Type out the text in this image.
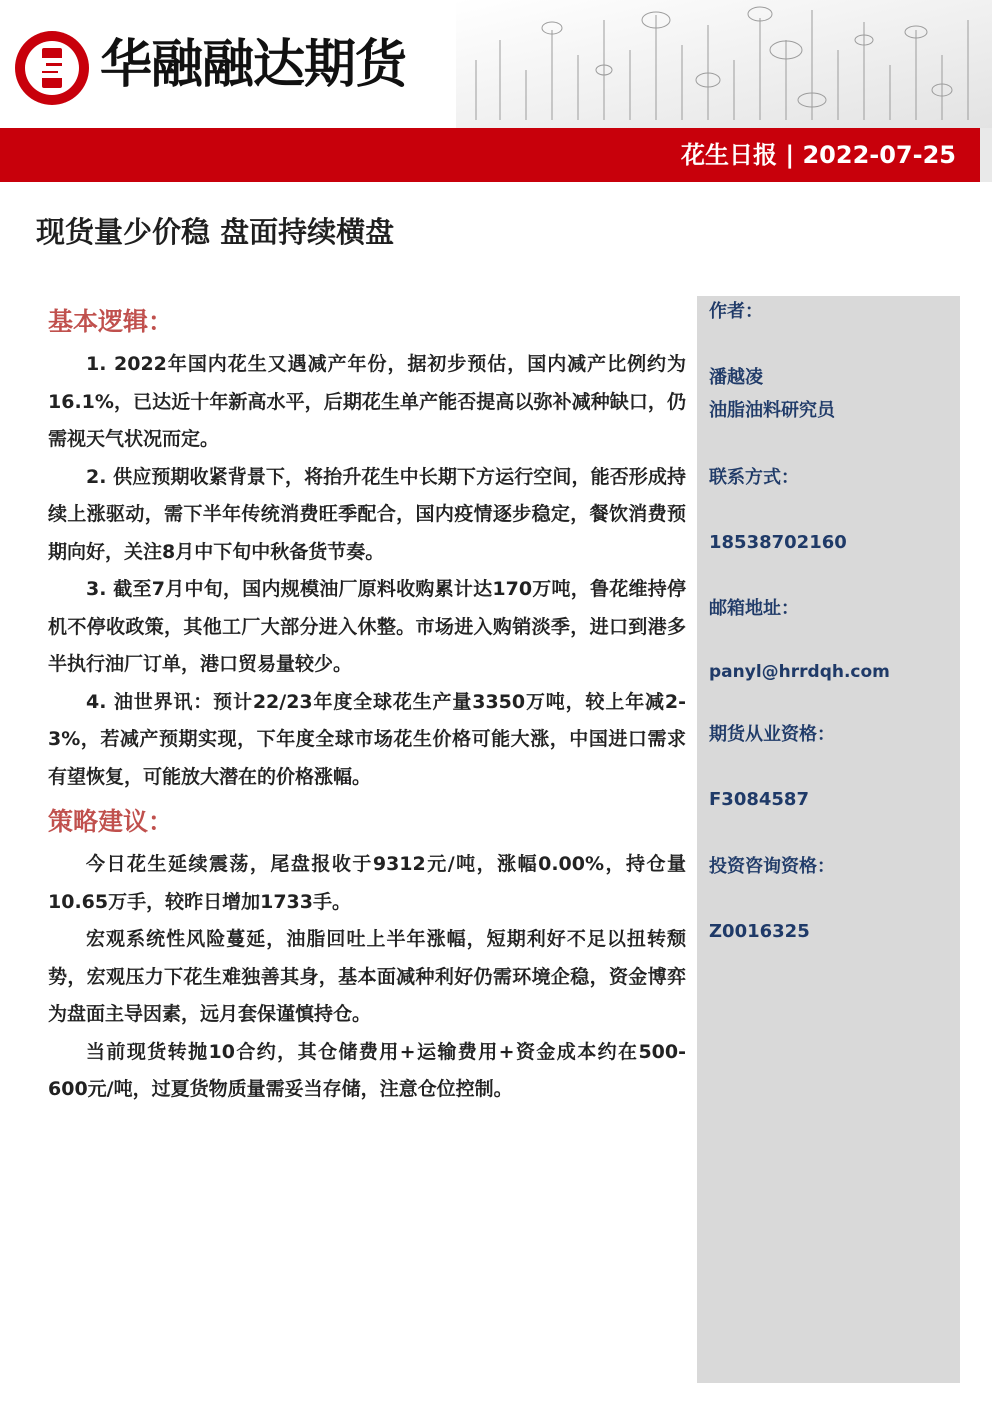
华融融达期货
花生日报 | 2022-07-25
现货量少价稳 盘面持续横盘
基本逻辑：

1. 2022年国内花生又遇减产年份，据初步预估，国内减产比例约为16.1%，已达近十年新高水平，后期花生单产能否提高以弥补减种缺口，仍需视天气状况而定。

2. 供应预期收紧背景下，将抬升花生中长期下方运行空间，能否形成持续上涨驱动，需下半年传统消费旺季配合，国内疫情逐步稳定，餐饮消费预期向好，关注8月中下旬中秋备货节奏。

3. 截至7月中旬，国内规模油厂原料收购累计达170万吨，鲁花维持停机不停收政策，其他工厂大部分进入休整。市场进入购销淡季，进口到港多半执行油厂订单，港口贸易量较少。

4. 油世界讯：预计22/23年度全球花生产量3350万吨，较上年减2-3%，若减产预期实现，下年度全球市场花生价格可能大涨，中国进口需求有望恢复，可能放大潜在的价格涨幅。

策略建议：

今日花生延续震荡，尾盘报收于9312元/吨，涨幅0.00%，持仓量10.65万手，较昨日增加1733手。

宏观系统性风险蔓延，油脂回吐上半年涨幅，短期利好不足以扭转颓势，宏观压力下花生难独善其身，基本面减种利好仍需环境企稳，资金博弈为盘面主导因素，远月套保谨慎持仓。

当前现货转抛10合约，其仓储费用+运输费用+资金成本约在500-600元/吨，过夏货物质量需妥当存储，注意仓位控制。

作者：
潘越凌
油脂油料研究员
联系方式：
18538702160
邮箱地址：
panyl@hrrdqh.com
期货从业资格：
F3084587
投资咨询资格：
Z0016325
